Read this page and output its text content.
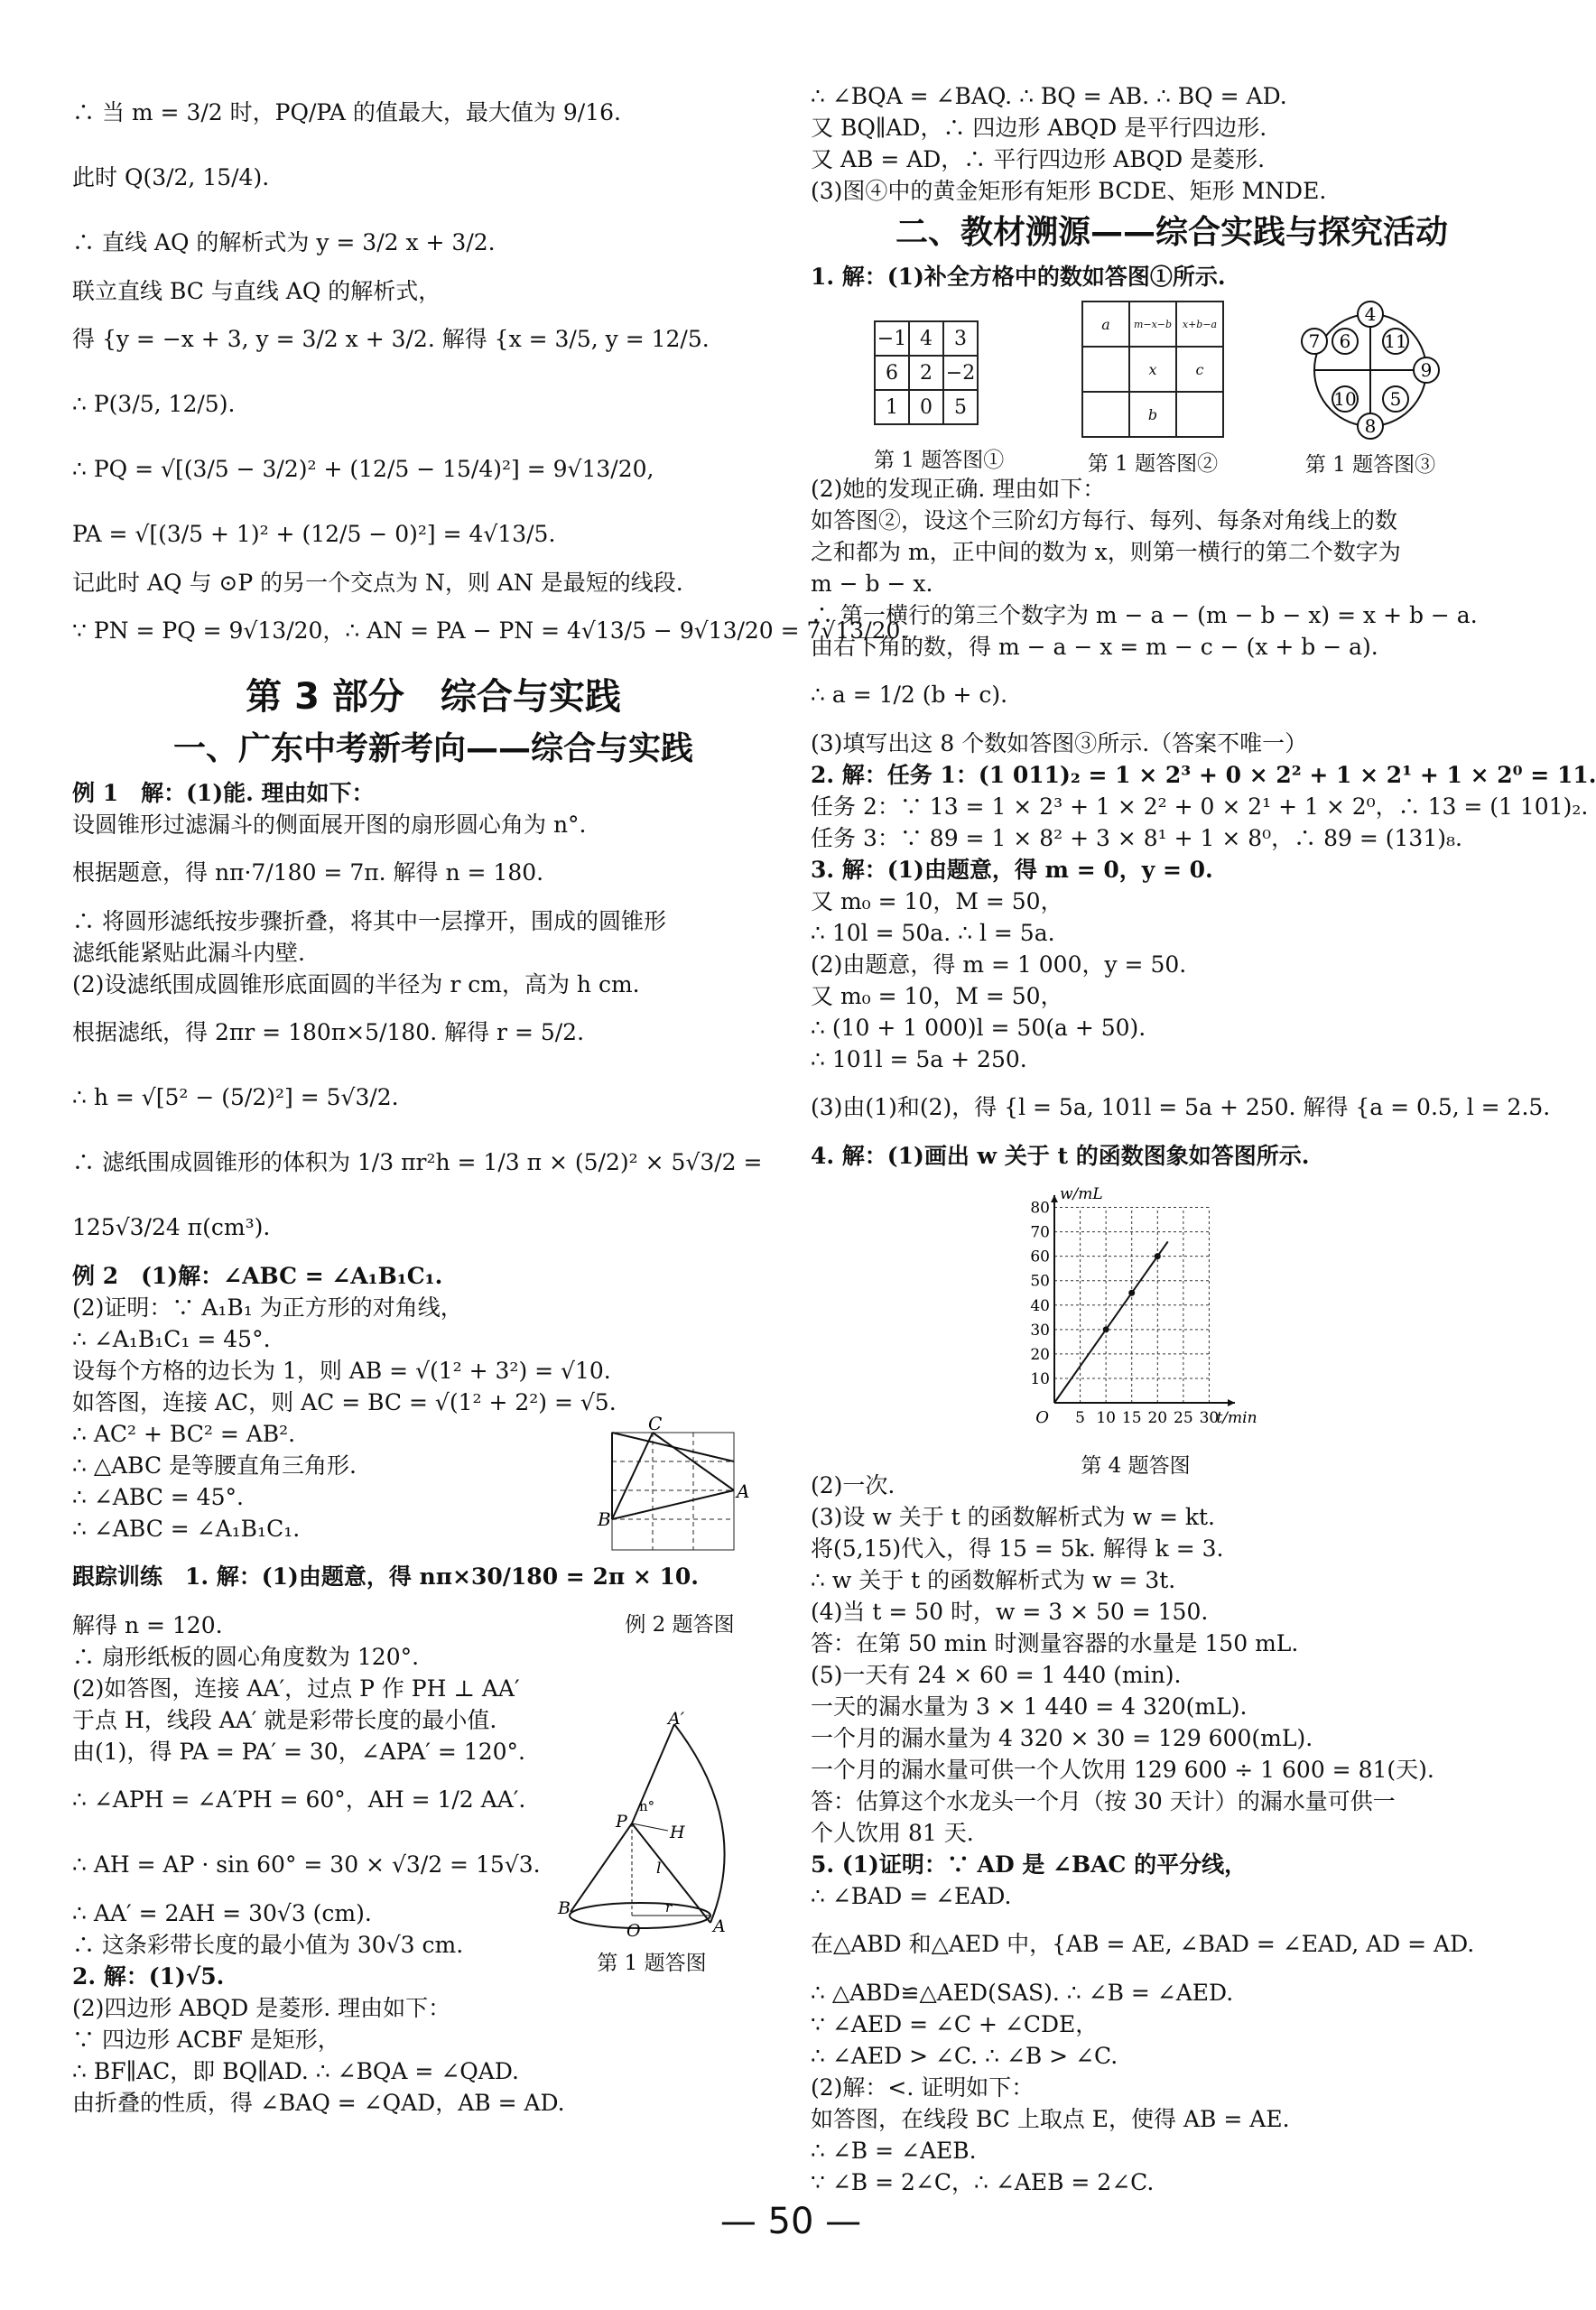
∴ 当 m = 3/2 时，PQ/PA 的值最大，最大值为 9/16.
此时 Q(3/2, 15/4).
∴ 直线 AQ 的解析式为 y = 3/2 x + 3/2.
联立直线 BC 与直线 AQ 的解析式，
得 {y = −x + 3, y = 3/2 x + 3/2. 解得 {x = 3/5, y = 12/5.
∴ P(3/5, 12/5).
∴ PQ = √[(3/5 − 3/2)² + (12/5 − 15/4)²] = 9√13/20,
PA = √[(3/5 + 1)² + (12/5 − 0)²] = 4√13/5.
记此时 AQ 与 ⊙P 的另一个交点为 N，则 AN 是最短的线段.
∵ PN = PQ = 9√13/20，∴ AN = PA − PN = 4√13/5 − 9√13/20 = 7√13/20.
第 3 部分　综合与实践
一、广东中考新考向——综合与实践
例 1　解：(1)能. 理由如下：
设圆锥形过滤漏斗的侧面展开图的扇形圆心角为 n°.
根据题意，得 nπ·7/180 = 7π. 解得 n = 180.
∴ 将圆形滤纸按步骤折叠，将其中一层撑开，围成的圆锥形
滤纸能紧贴此漏斗内壁.
(2)设滤纸围成圆锥形底面圆的半径为 r cm，高为 h cm.
根据滤纸，得 2πr = 180π×5/180. 解得 r = 5/2.
∴ h = √[5² − (5/2)²] = 5√3/2.
∴ 滤纸围成圆锥形的体积为 1/3 πr²h = 1/3 π × (5/2)² × 5√3/2 =
125√3/24 π(cm³).
例 2　(1)解：∠ABC = ∠A₁B₁C₁.
(2)证明：∵ A₁B₁ 为正方形的对角线，
∴ ∠A₁B₁C₁ = 45°.
设每个方格的边长为 1，则 AB = √(1² + 3²) = √10.
如答图，连接 AC，则 AC = BC = √(1² + 2²) = √5.
∴ AC² + BC² = AB².
∴ △ABC 是等腰直角三角形.
∴ ∠ABC = 45°.
∴ ∠ABC = ∠A₁B₁C₁.
跟踪训练　1. 解：(1)由题意，得 nπ×30/180 = 2π × 10.
解得 n = 120.
∴ 扇形纸板的圆心角度数为 120°.
(2)如答图，连接 AA′，过点 P 作 PH ⊥ AA′
于点 H，线段 AA′ 就是彩带长度的最小值.
由(1)，得 PA = PA′ = 30，∠APA′ = 120°.
∴ ∠APH = ∠A′PH = 60°，AH = 1/2 AA′.
∴ AH = AP · sin 60° = 30 × √3/2 = 15√3.
∴ AA′ = 2AH = 30√3 (cm).
∴ 这条彩带长度的最小值为 30√3 cm.
2. 解：(1)√5.
(2)四边形 ABQD 是菱形. 理由如下：
∵ 四边形 ACBF 是矩形，
∴ BF∥AC，即 BQ∥AD. ∴ ∠BQA = ∠QAD.
由折叠的性质，得 ∠BAQ = ∠QAD，AB = AD.
C
A
B
例 2 题答图
A′
P
H
n°
l
B
O
r
A
第 1 题答图
∴ ∠BQA = ∠BAQ. ∴ BQ = AB. ∴ BQ = AD.
又 BQ∥AD，∴ 四边形 ABQD 是平行四边形.
又 AB = AD，∴ 平行四边形 ABQD 是菱形.
(3)图④中的黄金矩形有矩形 BCDE、矩形 MNDE.
二、教材溯源——综合实践与探究活动
1. 解：(1)补全方格中的数如答图①所示.
−1	4	3
6	2	−2
1	0	5
第 1 题答图①
a	m−x−b	x+b−a
	x	c
	b	
第 1 题答图②
4
7 6 11
9
10 5
8
第 1 题答图③
(2)她的发现正确. 理由如下：
如答图②，设这个三阶幻方每行、每列、每条对角线上的数
之和都为 m，正中间的数为 x，则第一横行的第二个数字为
m − b − x.
∴ 第一横行的第三个数字为 m − a − (m − b − x) = x + b − a.
由右下角的数，得 m − a − x = m − c − (x + b − a).
∴ a = 1/2 (b + c).
(3)填写出这 8 个数如答图③所示.（答案不唯一）
2. 解：任务 1：(1 011)₂ = 1 × 2³ + 0 × 2² + 1 × 2¹ + 1 × 2⁰ = 11.
任务 2：∵ 13 = 1 × 2³ + 1 × 2² + 0 × 2¹ + 1 × 2⁰，∴ 13 = (1 101)₂.
任务 3：∵ 89 = 1 × 8² + 3 × 8¹ + 1 × 8⁰，∴ 89 = (131)₈.
3. 解：(1)由题意，得 m = 0，y = 0.
又 m₀ = 10，M = 50，
∴ 10l = 50a. ∴ l = 5a.
(2)由题意，得 m = 1 000，y = 50.
又 m₀ = 10，M = 50，
∴ (10 + 1 000)l = 50(a + 50).
∴ 101l = 5a + 250.
(3)由(1)和(2)，得 {l = 5a, 101l = 5a + 250. 解得 {a = 0.5, l = 2.5.
4. 解：(1)画出 w 关于 t 的函数图象如答图所示.
5 10 15 20 25 30
10
20
30
40
50
60
70
80
O	t/min
w/mL
第 4 题答图
(2)一次.
(3)设 w 关于 t 的函数解析式为 w = kt.
将(5,15)代入，得 15 = 5k. 解得 k = 3.
∴ w 关于 t 的函数解析式为 w = 3t.
(4)当 t = 50 时，w = 3 × 50 = 150.
答：在第 50 min 时测量容器的水量是 150 mL.
(5)一天有 24 × 60 = 1 440 (min).
一天的漏水量为 3 × 1 440 = 4 320(mL).
一个月的漏水量为 4 320 × 30 = 129 600(mL).
一个月的漏水量可供一个人饮用 129 600 ÷ 1 600 = 81(天).
答：估算这个水龙头一个月（按 30 天计）的漏水量可供一
个人饮用 81 天.
5. (1)证明：∵ AD 是 ∠BAC 的平分线，
∴ ∠BAD = ∠EAD.
在△ABD 和△AED 中，{AB = AE, ∠BAD = ∠EAD, AD = AD.
∴ △ABD≌△AED(SAS). ∴ ∠B = ∠AED.
∵ ∠AED = ∠C + ∠CDE，
∴ ∠AED > ∠C. ∴ ∠B > ∠C.
(2)解：<. 证明如下：
如答图，在线段 BC 上取点 E，使得 AB = AE.
∴ ∠B = ∠AEB.
∵ ∠B = 2∠C，∴ ∠AEB = 2∠C.
— 50 —
